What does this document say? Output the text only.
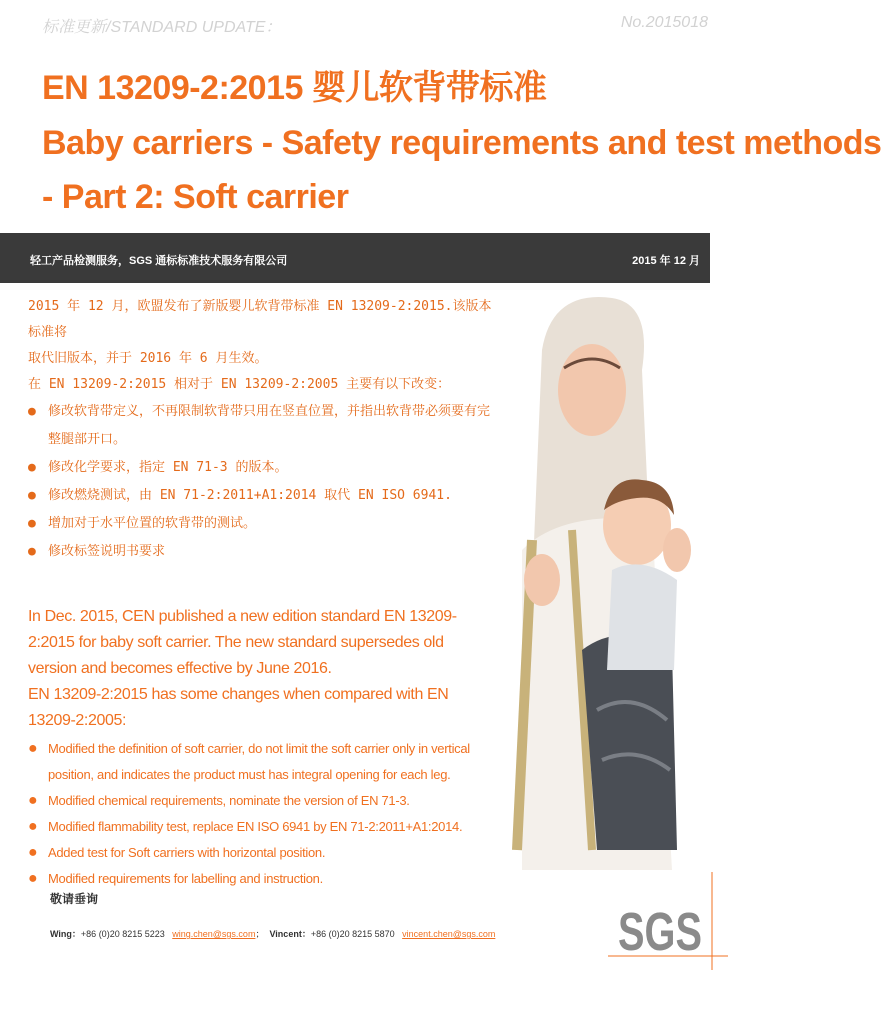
标准更新/STANDARD UPDATE：	No.2015018
EN 13209-2:2015 婴儿软背带标准
Baby carriers - Safety requirements and test methods
- Part 2: Soft carrier
轻工产品检测服务，SGS 通标标准技术服务有限公司	2015 年 12 月

2015 年 12 月，欧盟发布了新版婴儿软背带标准 EN 13209-2:2015.该版本标准将

取代旧版本，并于 2016 年 6 月生效。

在 EN 13209-2:2015 相对于 EN 13209-2:2005 主要有以下改变：

● 修改软背带定义，不再限制软背带只用在竖直位置，并指出软背带必须要有完整腿部开口。
● 修改化学要求，指定 EN 71-3 的版本。
● 修改燃烧测试，由 EN 71-2:2011+A1:2014 取代 EN ISO 6941.
● 增加对于水平位置的软背带的测试。
● 修改标签说明书要求

In Dec. 2015, CEN published a new edition standard EN 13209-2:2015 for baby soft carrier. The new standard supersedes old version and becomes effective by June 2016.

EN 13209-2:2015 has some changes when compared with EN 13209-2:2005:

● Modified the definition of soft carrier, do not limit the soft carrier only in vertical position, and indicates the product must has integral opening for each leg.
● Modified chemical requirements, nominate the version of EN 71-3.
● Modified flammability test, replace EN ISO 6941 by EN 71-2:2011+A1:2014.
● Added test for Soft carriers with horizontal position.
● Modified requirements for labelling and instruction.
敬请垂询
Wing：+86 (0)20 8215 5223 wing.chen@sgs.com； Vincent：+86 (0)20 8215 5870 vincent.chen@sgs.com SGS
